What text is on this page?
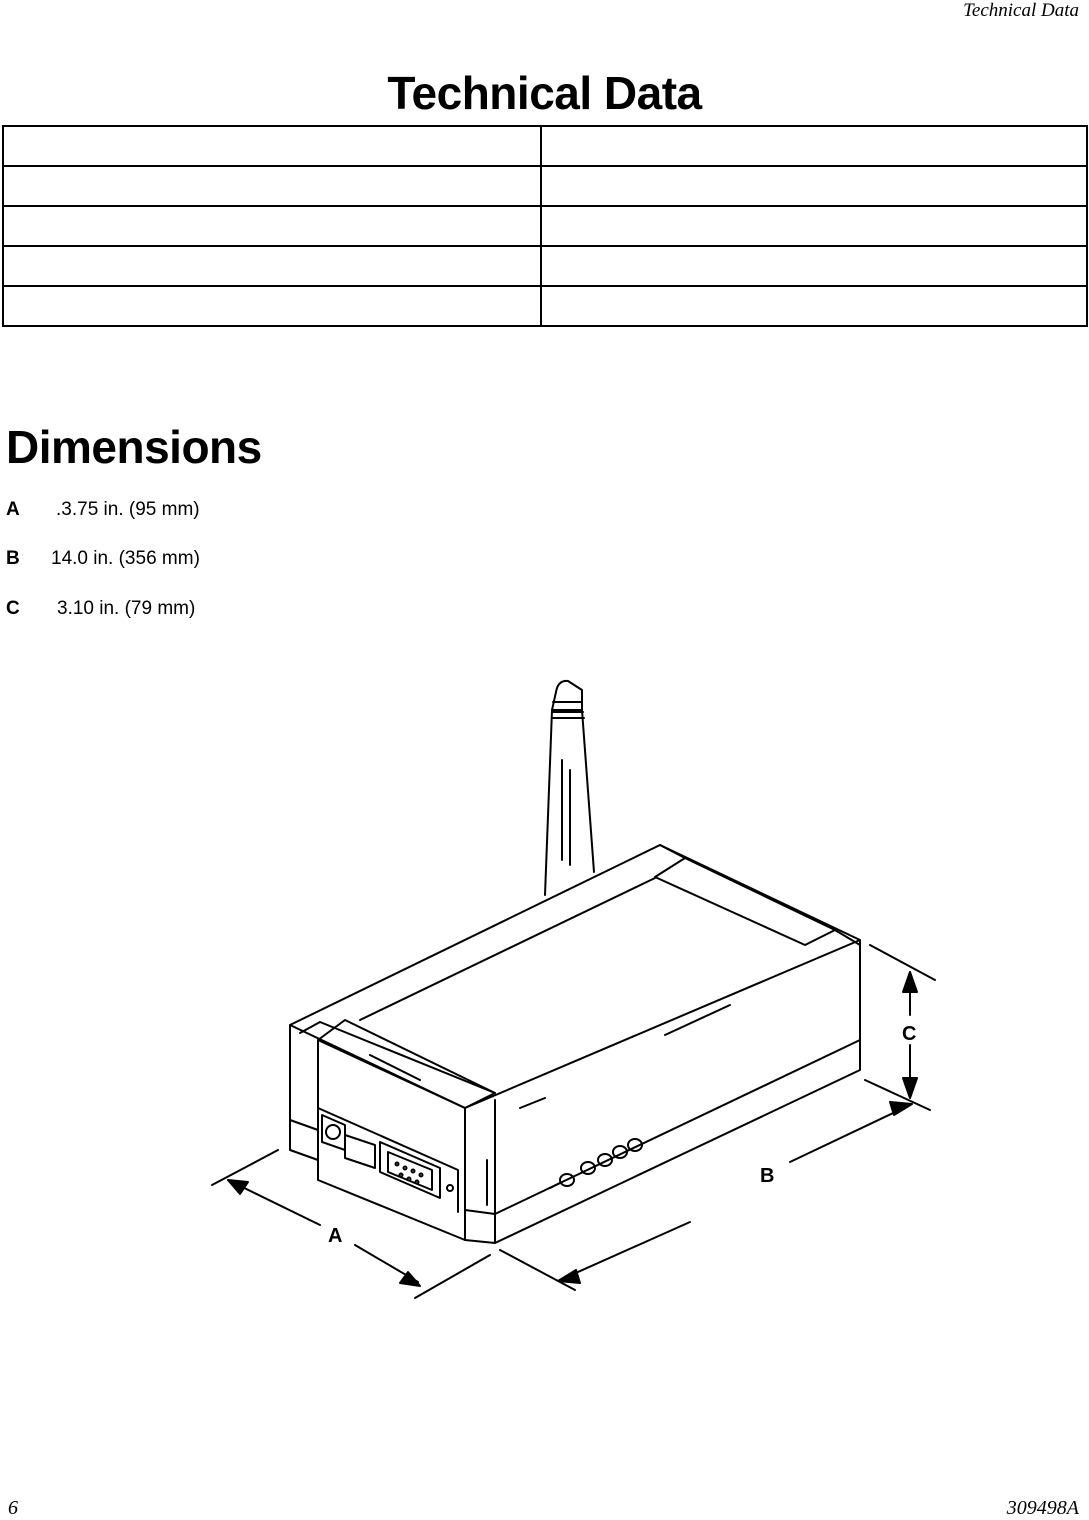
Technical Data
Technical Data

Dimensions
A .3.75 in. (95 mm)
B 14.0 in. (356 mm)
C 3.10 in. (79 mm)
A
B
C
6	309498A
